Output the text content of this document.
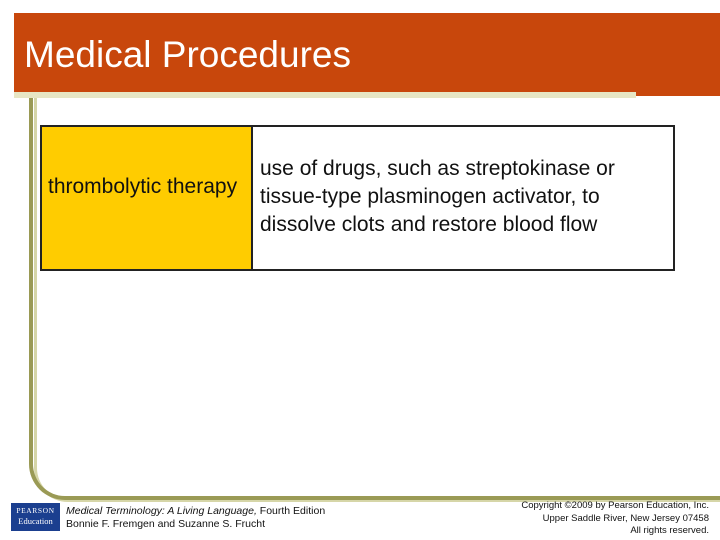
Medical Procedures
thrombolytic therapy
use of drugs, such as streptokinase or tissue-type plasminogen activator, to dissolve clots and restore blood flow
PEARSON
Education
Medical Terminology: A Living Language, Fourth Edition
Bonnie F. Fremgen and Suzanne S. Frucht
Copyright ©2009 by Pearson Education, Inc.
Upper Saddle River, New Jersey 07458
All rights reserved.
